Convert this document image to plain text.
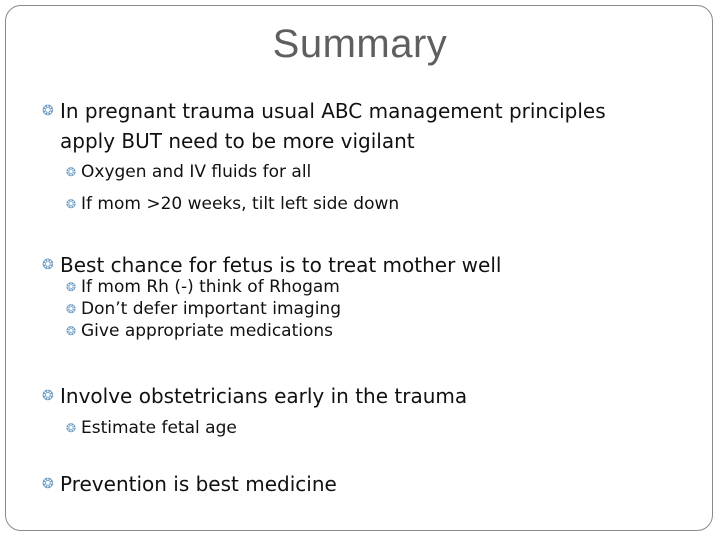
Summary
❂ In pregnant trauma usual ABC management principles
apply BUT need to be more vigilant
❂ Oxygen and IV fluids for all
❂ If mom >20 weeks, tilt left side down
❂ Best chance for fetus is to treat mother well
❂ If mom Rh (-) think of Rhogam
❂ Don’t defer important imaging
❂ Give appropriate medications
❂ Involve obstetricians early in the trauma
❂ Estimate fetal age
❂ Prevention is best medicine
